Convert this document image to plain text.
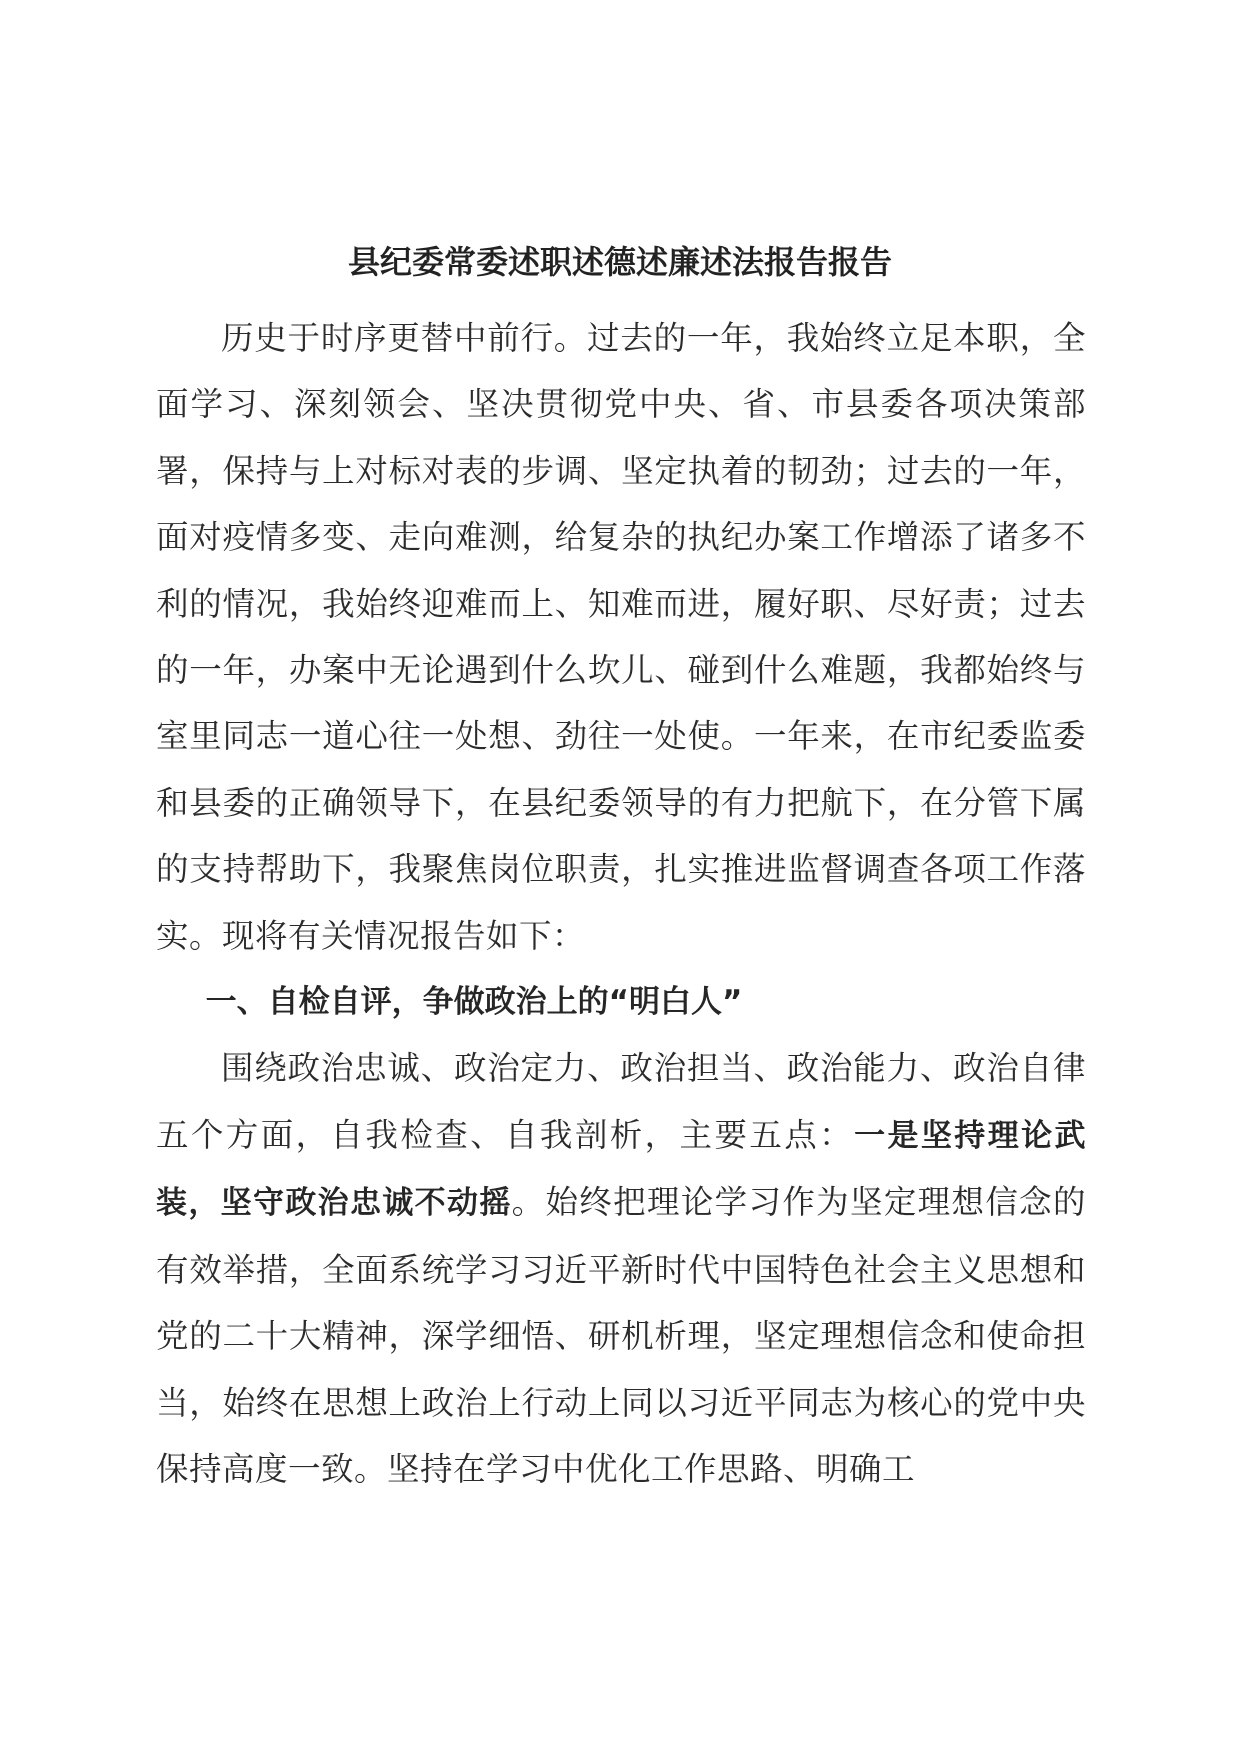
县纪委常委述职述德述廉述法报告报告

历史于时序更替中前行。过去的一年，我始终立足本职，全面学习、深刻领会、坚决贯彻党中央、省、市县委各项决策部署，保持与上对标对表的步调、坚定执着的韧劲；过去的一年，面对疫情多变、走向难测，给复杂的执纪办案工作增添了诸多不利的情况，我始终迎难而上、知难而进，履好职、尽好责；过去的一年，办案中无论遇到什么坎儿、碰到什么难题，我都始终与室里同志一道心往一处想、劲往一处使。一年来，在市纪委监委和县委的正确领导下，在县纪委领导的有力把航下，在分管下属的支持帮助下，我聚焦岗位职责，扎实推进监督调查各项工作落实。现将有关情况报告如下：

一、自检自评，争做政治上的“明白人”

围绕政治忠诚、政治定力、政治担当、政治能力、政治自律五个方面，自我检查、自我剖析，主要五点：一是坚持理论武装，坚守政治忠诚不动摇。始终把理论学习作为坚定理想信念的有效举措，全面系统学习习近平新时代中国特色社会主义思想和党的二十大精神，深学细悟、研机析理，坚定理想信念和使命担当，始终在思想上政治上行动上同以习近平同志为核心的党中央保持高度一致。坚持在学习中优化工作思路、明确工
